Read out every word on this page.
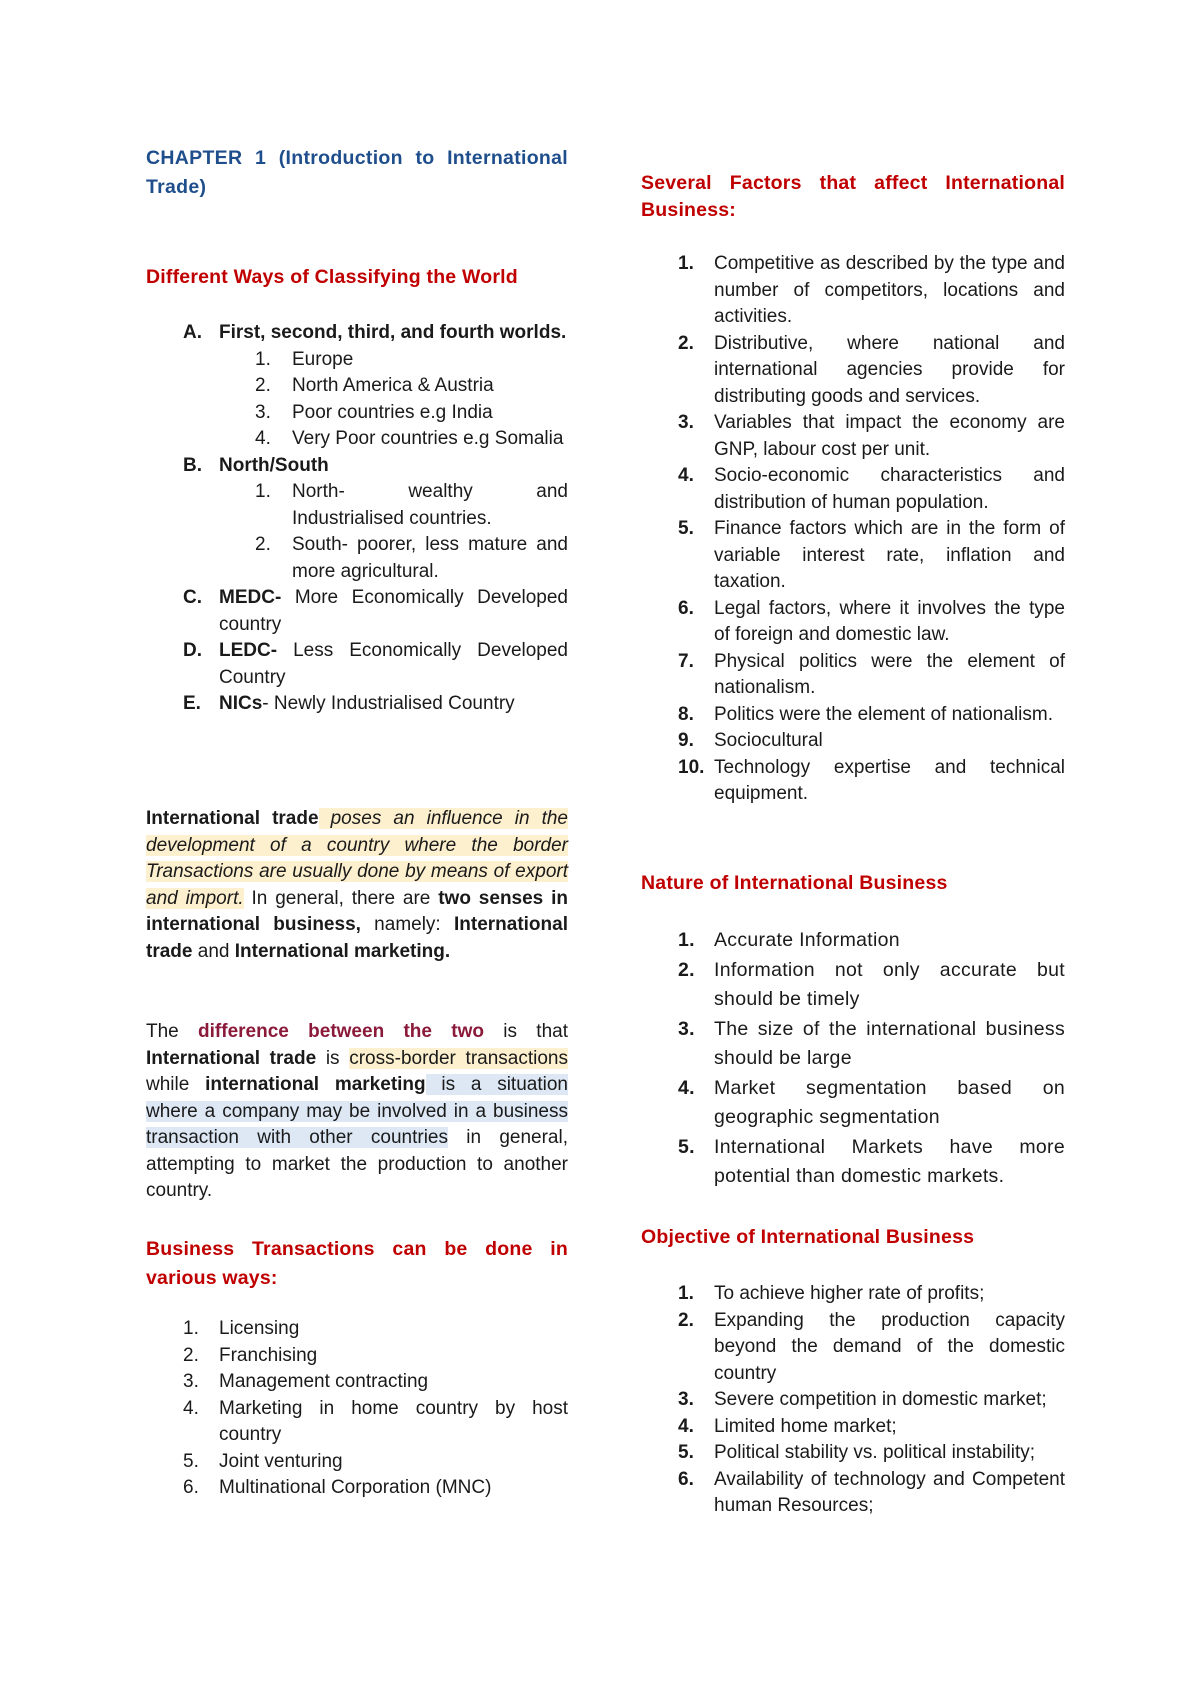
CHAPTER 1 (Introduction to International Trade)
Different Ways of Classifying the World
A. First, second, third, and fourth worlds.
1. Europe
2. North America & Austria
3. Poor countries e.g India
4. Very Poor countries e.g Somalia
B. North/South
1. North- wealthy and Industrialised countries.
2. South- poorer, less mature and more agricultural.
C. MEDC- More Economically Developed country
D. LEDC- Less Economically Developed Country
E. NICs- Newly Industrialised Country

International trade poses an influence in the development of a country where the border Transactions are usually done by means of export and import. In general, there are two senses in international business, namely: International trade and International marketing.

The difference between the two is that International trade is cross-border transactions while international marketing is a situation where a company may be involved in a business transaction with other countries in general, attempting to market the production to another country.

Business Transactions can be done in various ways:
1. Licensing
2. Franchising
3. Management contracting
4. Marketing in home country by host country
5. Joint venturing
6. Multinational Corporation (MNC)
Several Factors that affect International Business:
1. Competitive as described by the type and number of competitors, locations and activities.
2. Distributive, where national and international agencies provide for distributing goods and services.
3. Variables that impact the economy are GNP, labour cost per unit.
4. Socio-economic characteristics and distribution of human population.
5. Finance factors which are in the form of variable interest rate, inflation and taxation.
6. Legal factors, where it involves the type of foreign and domestic law.
7. Physical politics were the element of nationalism.
8. Politics were the element of nationalism.
9. Sociocultural
10. Technology expertise and technical equipment.
Nature of International Business
1. Accurate Information
2. Information not only accurate but should be timely
3. The size of the international business should be large
4. Market segmentation based on geographic segmentation
5. International Markets have more potential than domestic markets.
Objective of International Business
1. To achieve higher rate of profits;
2. Expanding the production capacity beyond the demand of the domestic country
3. Severe competition in domestic market;
4. Limited home market;
5. Political stability vs. political instability;
6. Availability of technology and Competent human Resources;
